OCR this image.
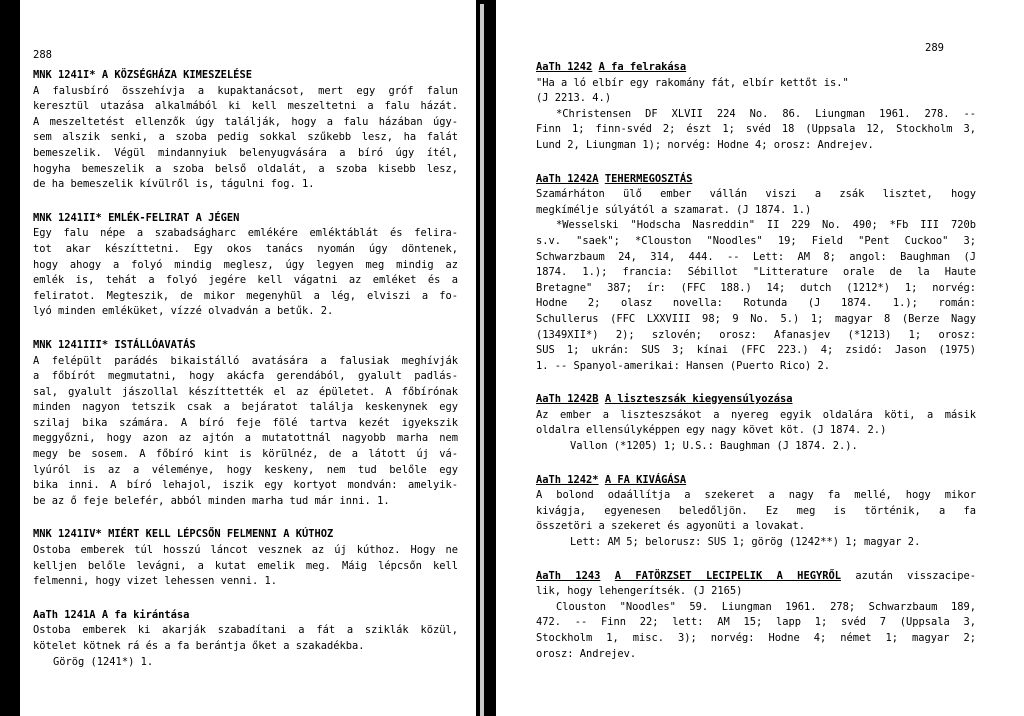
288
MNK 1241I* A KÖZSÉGHÁZA KIMESZELÉSE
A falusbíró összehívja a kupaktanácsot, mert egy gróf falun
keresztül utazása alkalmából ki kell meszeltetni a falu házát.
A meszeltetést ellenzők úgy találják, hogy a falu házában úgy-
sem alszik senki, a szoba pedig sokkal szűkebb lesz, ha falát
bemeszelik. Végül mindannyiuk belenyugvására a bíró úgy ítél,
hogyha bemeszelik a szoba belső oldalát, a szoba kisebb lesz,
de ha bemeszelik kívülről is, tágulni fog. 1.
MNK 1241II* EMLÉK-FELIRAT A JÉGEN
Egy falu népe a szabadságharc emlékére emléktáblát és felira-
tot akar készíttetni. Egy okos tanács nyomán úgy döntenek,
hogy ahogy a folyó mindig meglesz, úgy legyen meg mindig az
emlék is, tehát a folyó jegére kell vágatni az emléket és a
feliratot. Megteszik, de mikor megenyhül a lég, elviszi a fo-
lyó minden emléküket, vízzé olvadván a betűk. 2.
MNK 1241III* ISTÁLLÓAVATÁS
A felépült parádés bikaistálló avatására a falusiak meghívják
a főbírót megmutatni, hogy akácfa gerendából, gyalult padlás-
sal, gyalult jászollal készíttették el az épületet. A főbírónak
minden nagyon tetszik csak a bejáratot találja keskenynek egy
szilaj bika számára. A bíró feje fölé tartva kezét igyekszik
meggyőzni, hogy azon az ajtón a mutatottnál nagyobb marha nem
megy be sosem. A főbíró kint is körülnéz, de a látott új vá-
lyúról is az a véleménye, hogy keskeny, nem tud belőle egy
bika inni. A bíró lehajol, iszik egy kortyot mondván: amelyik-
be az ő feje belefér, abból minden marha tud már inni. 1.
MNK 1241IV* MIÉRT KELL LÉPCSŐN FELMENNI A KÚTHOZ
Ostoba emberek túl hosszú láncot vesznek az új kúthoz. Hogy ne
kelljen belőle levágni, a kutat emelik meg. Máig lépcsőn kell
felmenni, hogy vizet lehessen venni. 1.
AaTh 1241A A fa kirántása
Ostoba emberek ki akarják szabadítani a fát a sziklák közül,
kötelet kötnek rá és a fa berántja őket a szakadékba.
Görög (1241*) 1.
289
AaTh 1242 A fa felrakása
"Ha a ló elbír egy rakomány fát, elbír kettőt is."
(J 2213. 4.)
*Christensen DF XLVII 224 No. 86. Liungman 1961. 278. --
Finn 1; finn-svéd 2; észt 1; svéd 18 (Uppsala 12, Stockholm 3,
Lund 2, Liungman 1); norvég: Hodne 4; orosz: Andrejev.
AaTh 1242A TEHERMEGOSZTÁS
Szamárháton ülő ember vállán viszi a zsák lisztet, hogy
megkímélje súlyától a szamarat. (J 1874. 1.)
*Wesselski "Hodscha Nasreddin" II 229 No. 490; *Fb III 720b
s.v. "saek"; *Clouston "Noodles" 19; Field "Pent Cuckoo" 3;
Schwarzbaum 24, 314, 444. -- Lett: AM 8; angol: Baughman (J
1874. 1.); francia: Sébillot "Litterature orale de la Haute
Bretagne" 387; ír: (FFC 188.) 14; dutch (1212*) 1; norvég:
Hodne 2; olasz novella: Rotunda (J 1874. 1.); román:
Schullerus (FFC LXXVIII 98; 9 No. 5.) 1; magyar 8 (Berze Nagy
(1349XII*) 2); szlovén; orosz: Afanasjev (*1213) 1; orosz:
SUS 1; ukrán: SUS 3; kínai (FFC 223.) 4; zsidó: Jason (1975)
1. -- Spanyol-amerikai: Hansen (Puerto Rico) 2.
AaTh 1242B A liszteszsák kiegyensúlyozása
Az ember a liszteszsákot a nyereg egyik oldalára köti, a másik
oldalra ellensúlyképpen egy nagy követ köt. (J 1874. 2.)
Vallon (*1205) 1; U.S.: Baughman (J 1874. 2.).
AaTh 1242* A FA KIVÁGÁSA
A bolond odaállítja a szekeret a nagy fa mellé, hogy mikor
kivágja, egyenesen beledőljön. Ez meg is történik, a fa
összetöri a szekeret és agyonüti a lovakat.
Lett: AM 5; belorusz: SUS 1; görög (1242**) 1; magyar 2.
AaTh 1243 A FATÖRZSET LECIPELIK A HEGYRŐL azután visszacipe-
lik, hogy lehengerítsék. (J 2165)
Clouston "Noodles" 59. Liungman 1961. 278; Schwarzbaum 189,
472. -- Finn 22; lett: AM 15; lapp 1; svéd 7 (Uppsala 3,
Stockholm 1, misc. 3); norvég: Hodne 4; német 1; magyar 2;
orosz: Andrejev.
